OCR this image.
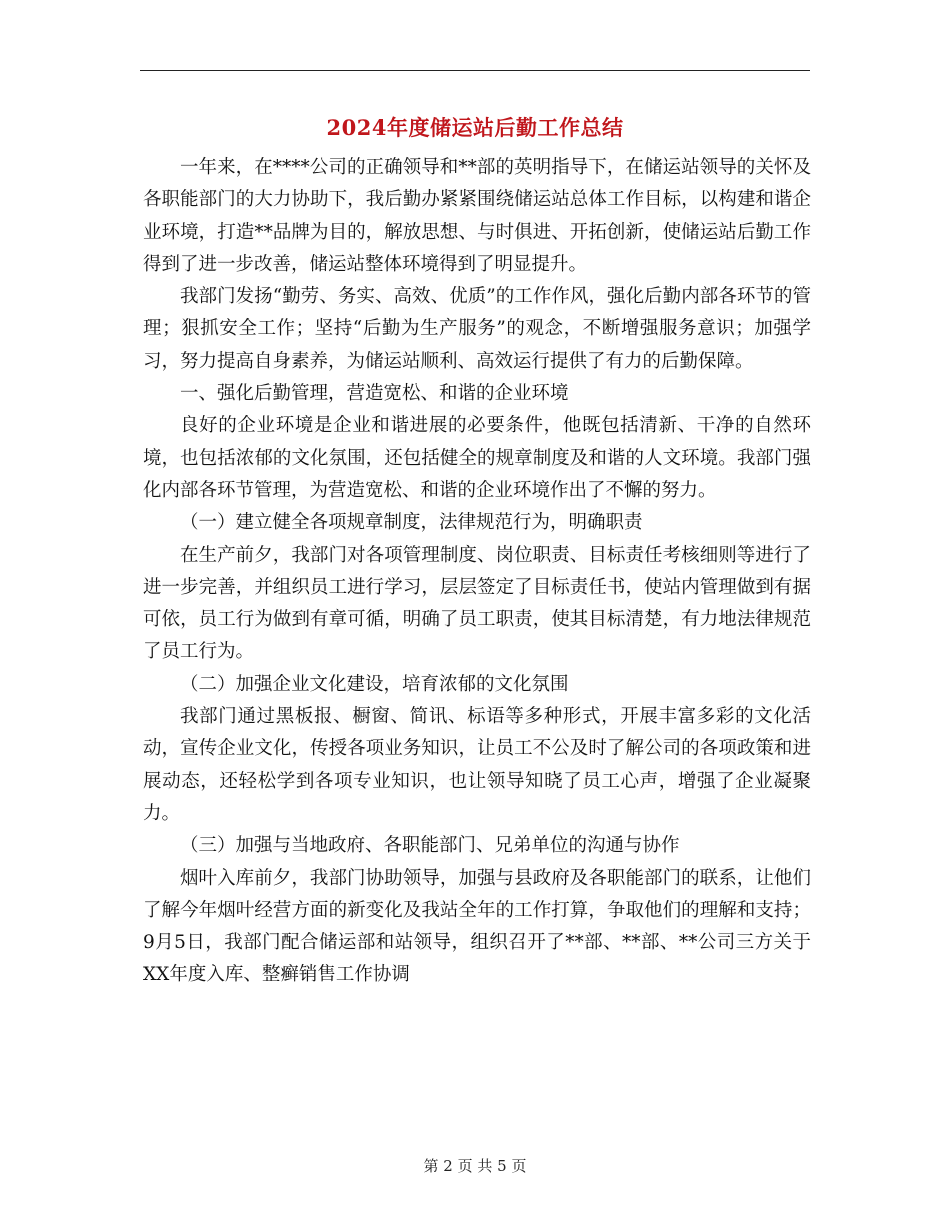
2024年度储运站后勤工作总结

一年来，在****公司的正确领导和**部的英明指导下，在储运站领导的关怀及各职能部门的大力协助下，我后勤办紧紧围绕储运站总体工作目标，以构建和谐企业环境，打造**品牌为目的，解放思想、与时俱进、开拓创新，使储运站后勤工作得到了进一步改善，储运站整体环境得到了明显提升。

我部门发扬“勤劳、务实、高效、优质”的工作作风，强化后勤内部各环节的管理；狠抓安全工作；坚持“后勤为生产服务”的观念，不断增强服务意识；加强学习，努力提高自身素养，为储运站顺利、高效运行提供了有力的后勤保障。

一、强化后勤管理，营造宽松、和谐的企业环境

良好的企业环境是企业和谐进展的必要条件，他既包括清新、干净的自然环境，也包括浓郁的文化氛围，还包括健全的规章制度及和谐的人文环境。我部门强化内部各环节管理，为营造宽松、和谐的企业环境作出了不懈的努力。

（一）建立健全各项规章制度，法律规范行为，明确职责

在生产前夕，我部门对各项管理制度、岗位职责、目标责任考核细则等进行了进一步完善，并组织员工进行学习，层层签定了目标责任书，使站内管理做到有据可依，员工行为做到有章可循，明确了员工职责，使其目标清楚，有力地法律规范了员工行为。

（二）加强企业文化建设，培育浓郁的文化氛围

我部门通过黑板报、橱窗、简讯、标语等多种形式，开展丰富多彩的文化活动，宣传企业文化，传授各项业务知识，让员工不公及时了解公司的各项政策和进展动态，还轻松学到各项专业知识，也让领导知晓了员工心声，增强了企业凝聚力。

（三）加强与当地政府、各职能部门、兄弟单位的沟通与协作

烟叶入库前夕，我部门协助领导，加强与县政府及各职能部门的联系，让他们了解今年烟叶经营方面的新变化及我站全年的工作打算，争取他们的理解和支持；9月5日，我部门配合储运部和站领导，组织召开了**部、**部、**公司三方关于XX年度入库、整癣销售工作协调

第 2 页 共 5 页
